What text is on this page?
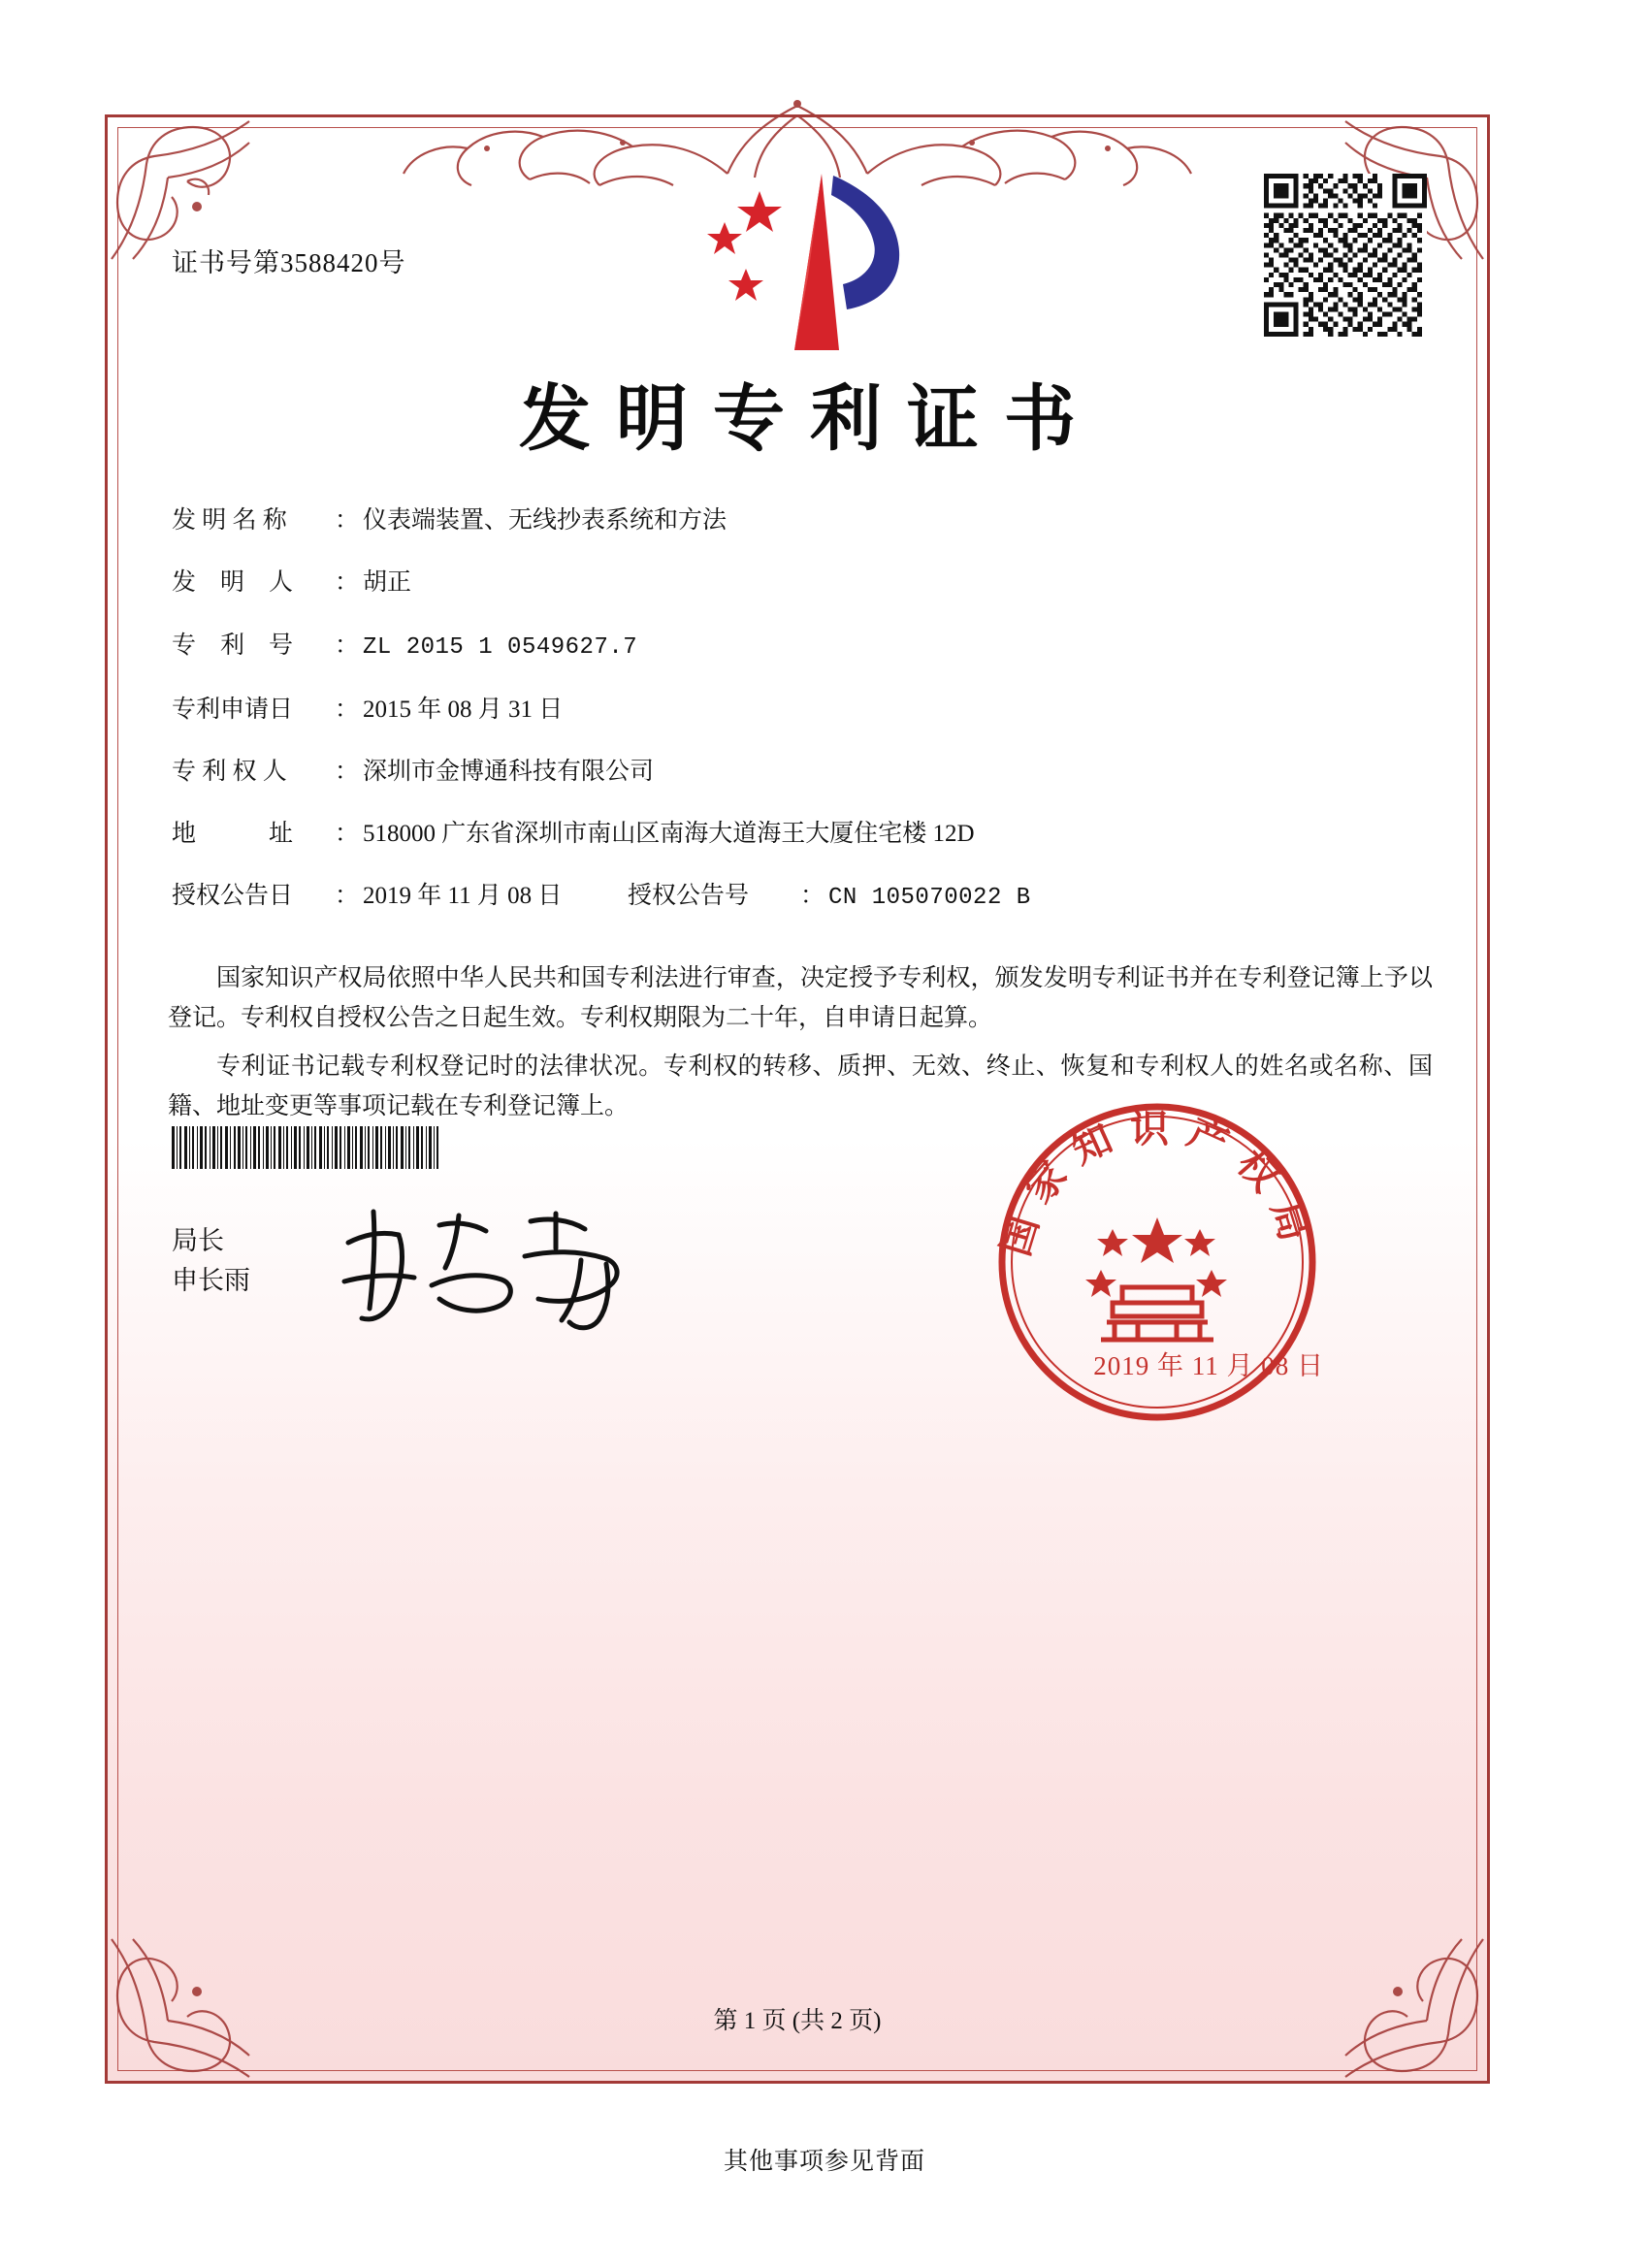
证书号第3588420号
发明专利证书
发 明 名 称	： 仪表端装置、无线抄表系统和方法
发　明　人	： 胡正
专　利　号	： ZL 2015 1 0549627.7
专利申请日	： 2015 年 08 月 31 日
专 利 权 人	： 深圳市金博通科技有限公司
地　　　址	： 518000 广东省深圳市南山区南海大道海王大厦住宅楼 12D
授权公告日	： 2019 年 11 月 08 日	授权公告号	： CN 105070022 B

国家知识产权局依照中华人民共和国专利法进行审查，决定授予专利权，颁发发明专利证书并在专利登记簿上予以登记。专利权自授权公告之日起生效。专利权期限为二十年，自申请日起算。

专利证书记载专利权登记时的法律状况。专利权的转移、质押、无效、终止、恢复和专利权人的姓名或名称、国籍、地址变更等事项记载在专利登记簿上。

局长
申长雨
国家知识产权局
2019 年 11 月 08 日
第 1 页 (共 2 页)
其他事项参见背面
